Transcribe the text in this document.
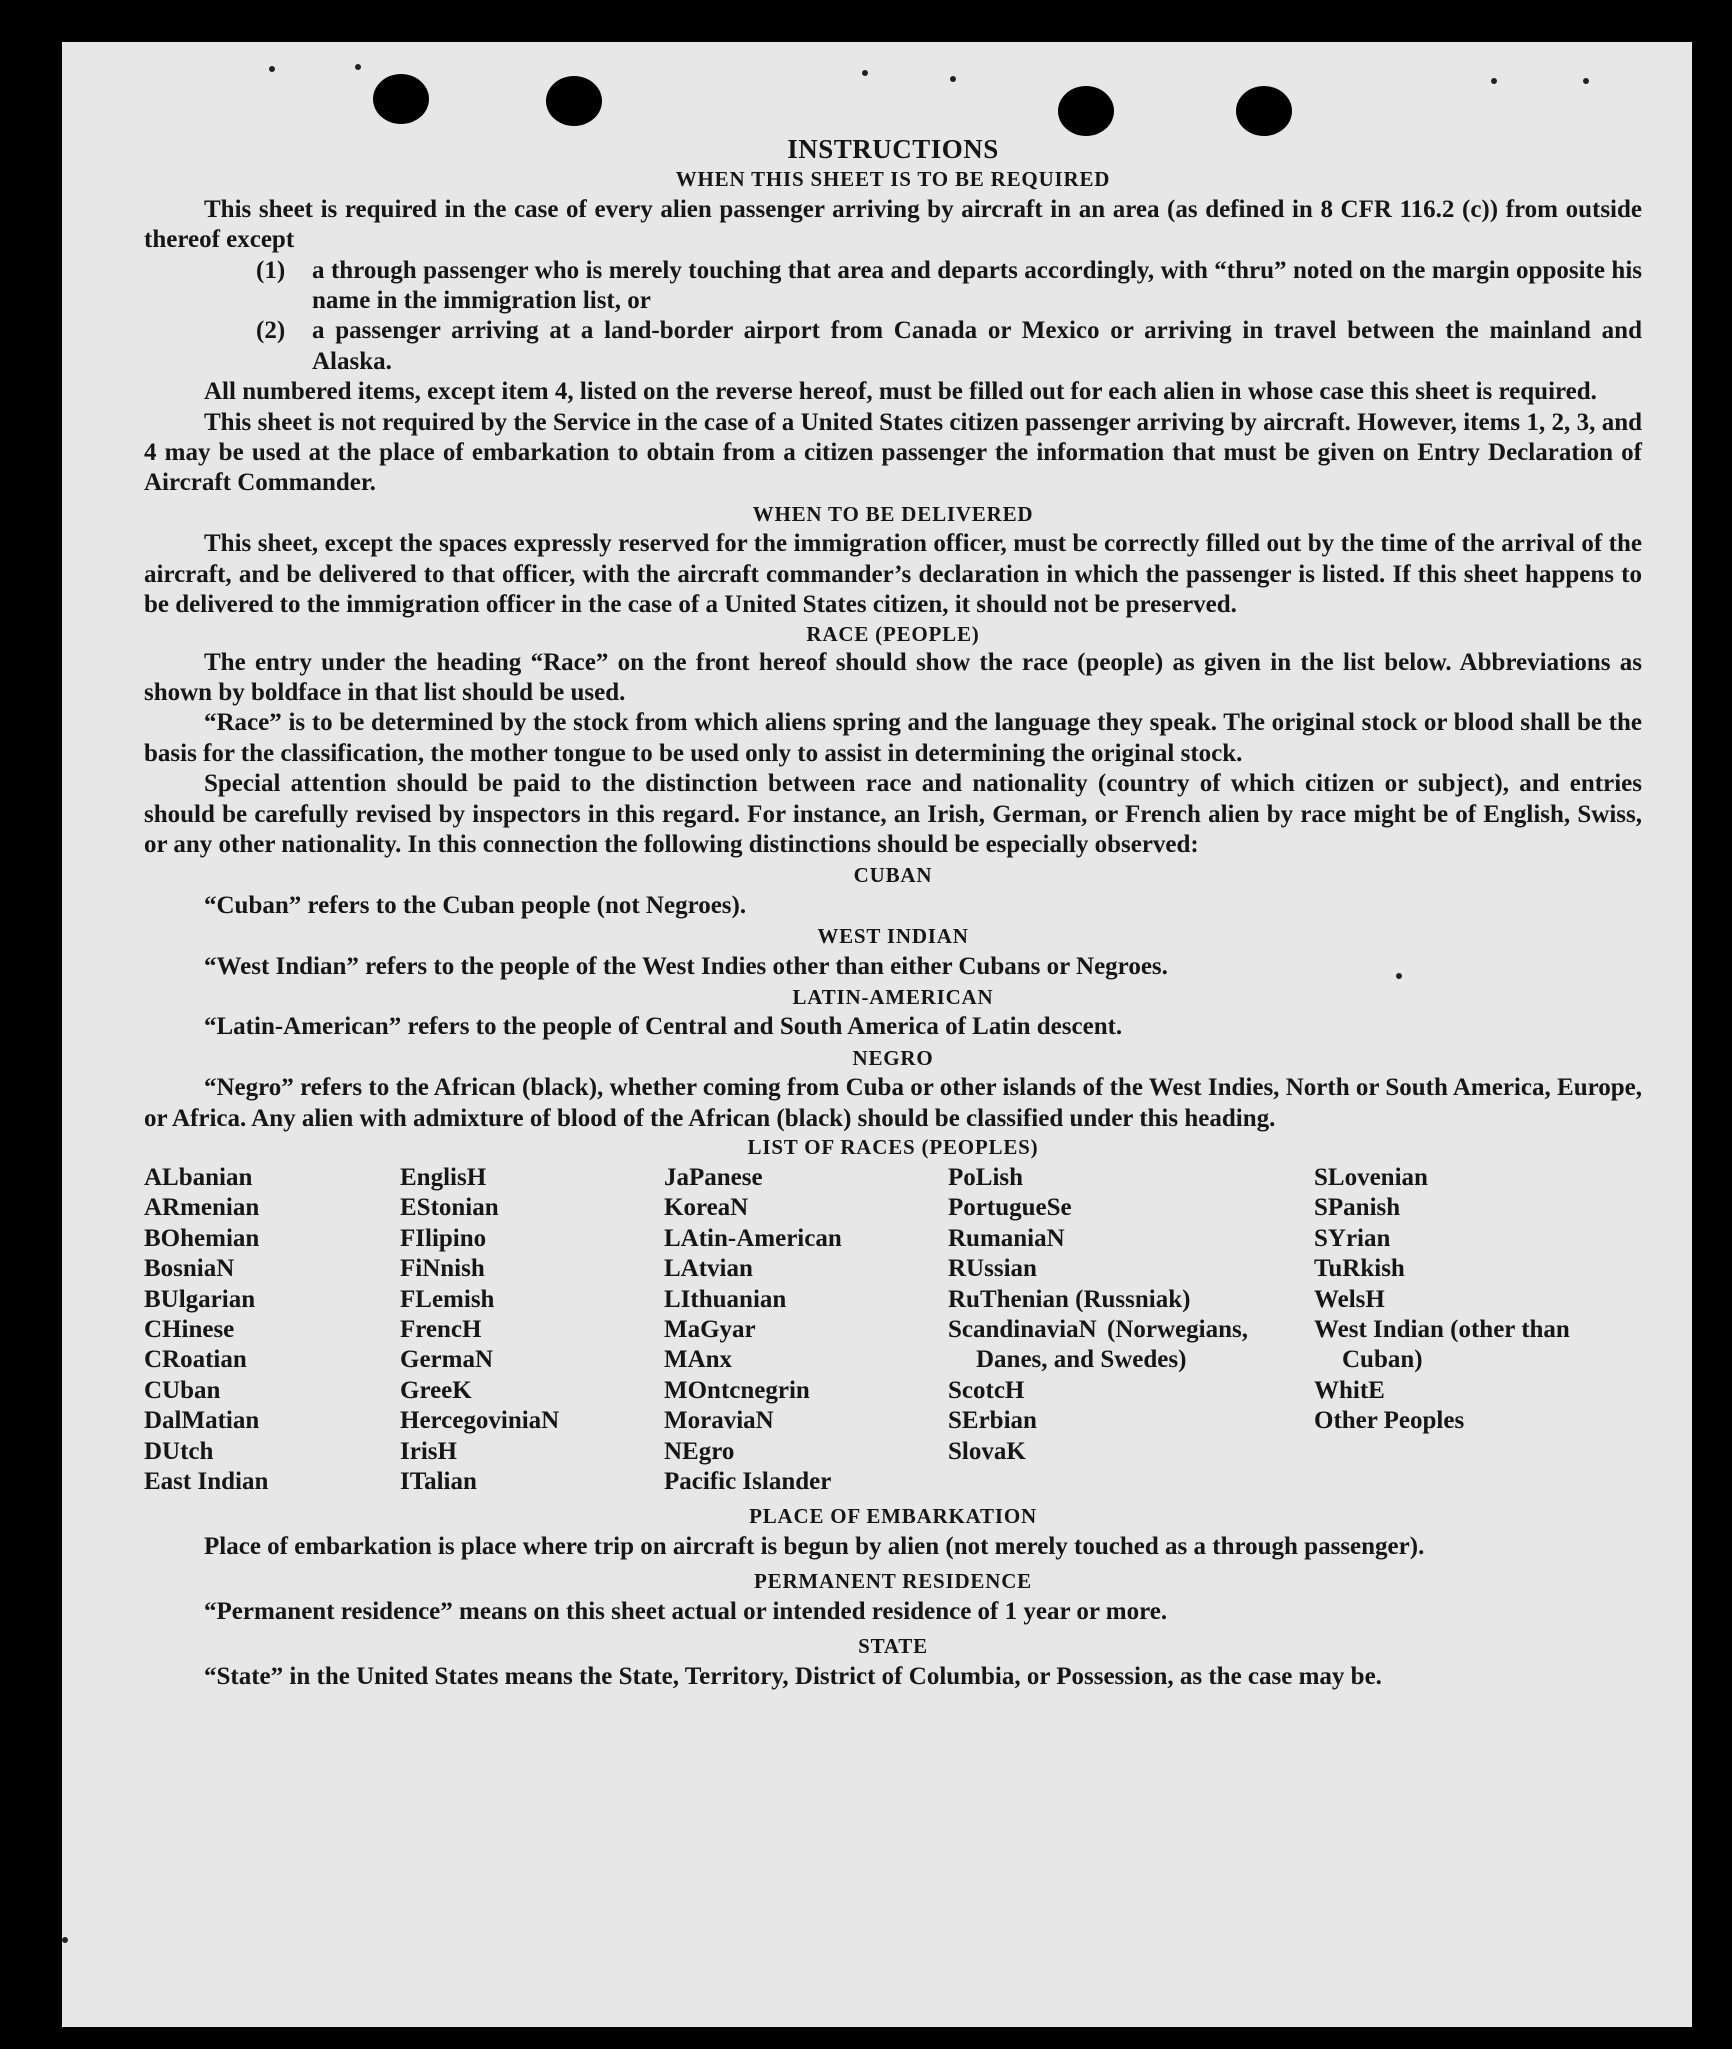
INSTRUCTIONS
WHEN THIS SHEET IS TO BE REQUIRED

This sheet is required in the case of every alien passenger arriving by aircraft in an area (as defined in 8 CFR 116.2 (c)) from outside thereof except

(1)	a through passenger who is merely touching that area and departs accordingly, with “thru” noted on the margin opposite his name in the immigration list, or
(2)	a passenger arriving at a land-border airport from Canada or Mexico or arriving in travel between the mainland and Alaska.

All numbered items, except item 4, listed on the reverse hereof, must be filled out for each alien in whose case this sheet is required.

This sheet is not required by the Service in the case of a United States citizen passenger arriving by aircraft. However, items 1, 2, 3, and 4 may be used at the place of embarkation to obtain from a citizen passenger the information that must be given on Entry Declaration of Aircraft Commander.

WHEN TO BE DELIVERED

This sheet, except the spaces expressly reserved for the immigration officer, must be correctly filled out by the time of the arrival of the aircraft, and be delivered to that officer, with the aircraft commander’s declaration in which the passenger is listed. If this sheet happens to be delivered to the immigration officer in the case of a United States citizen, it should not be preserved.

RACE (PEOPLE)

The entry under the heading “Race” on the front hereof should show the race (people) as given in the list below. Abbreviations as shown by boldface in that list should be used.

“Race” is to be determined by the stock from which aliens spring and the language they speak. The original stock or blood shall be the basis for the classification, the mother tongue to be used only to assist in determining the original stock.

Special attention should be paid to the distinction between race and nationality (country of which citizen or subject), and entries should be carefully revised by inspectors in this regard. For instance, an Irish, German, or French alien by race might be of English, Swiss, or any other nationality. In this connection the following distinctions should be especially observed:

CUBAN

“Cuban” refers to the Cuban people (not Negroes).

WEST INDIAN

“West Indian” refers to the people of the West Indies other than either Cubans or Negroes.

LATIN-AMERICAN

“Latin-American” refers to the people of Central and South America of Latin descent.

NEGRO

“Negro” refers to the African (black), whether coming from Cuba or other islands of the West Indies, North or South America, Europe, or Africa. Any alien with admixture of blood of the African (black) should be classified under this heading.

LIST OF RACES (PEOPLES)
ALbanian
ARmenian
BOhemian
BosniaN
BUlgarian
CHinese
CRoatian
CUban
DalMatian
DUtch
East Indian
EnglisH
EStonian
FIlipino
FiNnish
FLemish
FrencH
GermaN
GreeK
HercegoviniaN
IrisH
ITalian
JaPanese
KoreaN
LAtin-American
LAtvian
LIthuanian
MaGyar
MAnx
MOntcnegrin
MoraviaN
NEgro
Pacific Islander
PoLish
PortugueSe
RumaniaN
RUssian
RuThenian (Russniak)
ScandinaviaN (Norwegians, Danes, and Swedes)
ScotcH
SErbian
SlovaK
SLovenian
SPanish
SYrian
TuRkish
WelsH
West Indian (other than Cuban)
WhitE
Other Peoples
PLACE OF EMBARKATION

Place of embarkation is place where trip on aircraft is begun by alien (not merely touched as a through passenger).

PERMANENT RESIDENCE

“Permanent residence” means on this sheet actual or intended residence of 1 year or more.

STATE

“State” in the United States means the State, Territory, District of Columbia, or Possession, as the case may be.
